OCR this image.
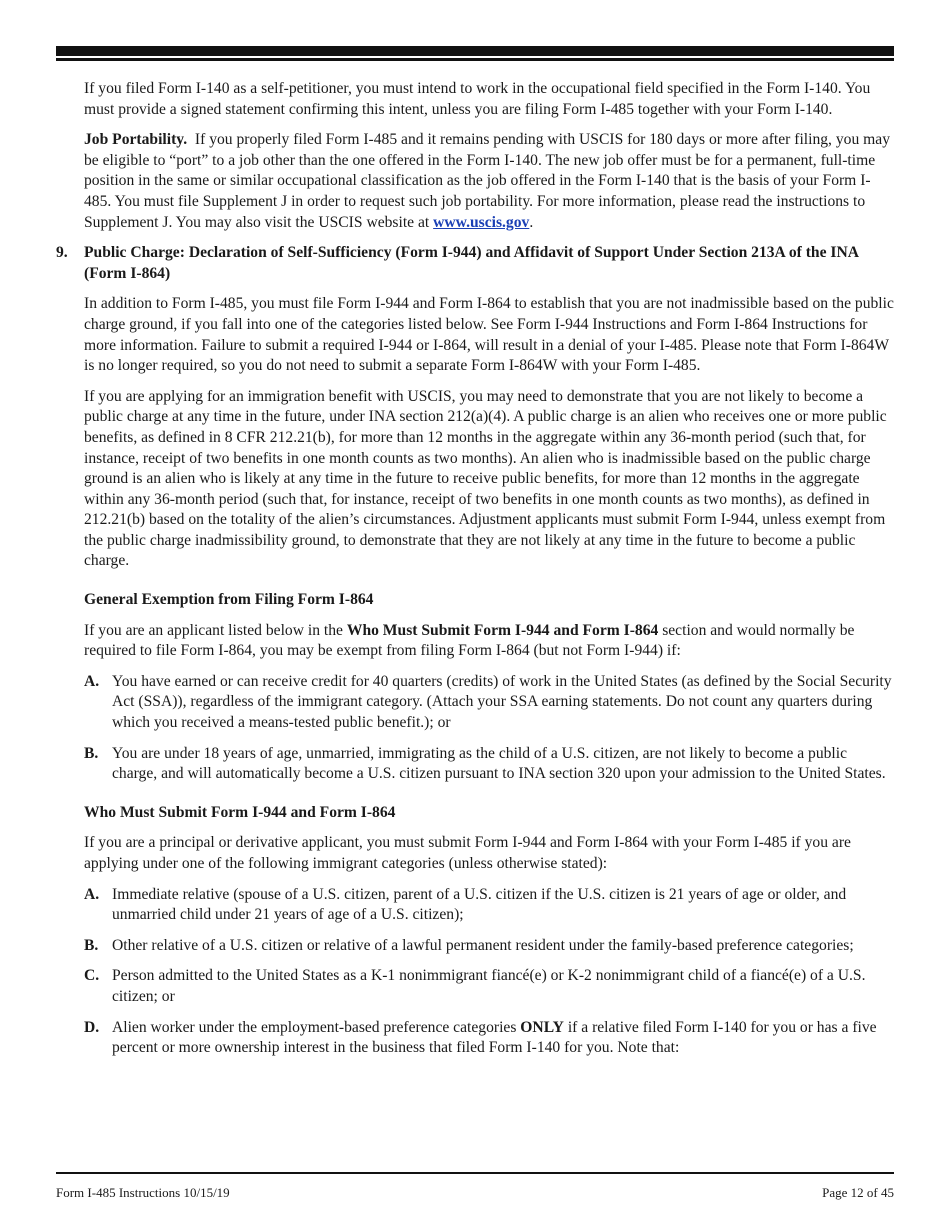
If you filed Form I-140 as a self-petitioner, you must intend to work in the occupational field specified in the Form I-140. You must provide a signed statement confirming this intent, unless you are filing Form I-485 together with your Form I-140.

Job Portability. If you properly filed Form I-485 and it remains pending with USCIS for 180 days or more after filing, you may be eligible to “port” to a job other than the one offered in the Form I-140. The new job offer must be for a permanent, full-time position in the same or similar occupational classification as the job offered in the Form I-140 that is the basis of your Form I-485. You must file Supplement J in order to request such job portability. For more information, please read the instructions to Supplement J. You may also visit the USCIS website at www.uscis.gov.

9.	Public Charge: Declaration of Self-Sufficiency (Form I-944) and Affidavit of Support Under Section 213A of the INA (Form I-864)

In addition to Form I-485, you must file Form I-944 and Form I-864 to establish that you are not inadmissible based on the public charge ground, if you fall into one of the categories listed below. See Form I-944 Instructions and Form I-864 Instructions for more information. Failure to submit a required I-944 or I-864, will result in a denial of your I-485. Please note that Form I-864W is no longer required, so you do not need to submit a separate Form I-864W with your Form I-485.

If you are applying for an immigration benefit with USCIS, you may need to demonstrate that you are not likely to become a public charge at any time in the future, under INA section 212(a)(4). A public charge is an alien who receives one or more public benefits, as defined in 8 CFR 212.21(b), for more than 12 months in the aggregate within any 36-month period (such that, for instance, receipt of two benefits in one month counts as two months). An alien who is inadmissible based on the public charge ground is an alien who is likely at any time in the future to receive public benefits, for more than 12 months in the aggregate within any 36-month period (such that, for instance, receipt of two benefits in one month counts as two months), as defined in 212.21(b) based on the totality of the alien’s circumstances. Adjustment applicants must submit Form I-944, unless exempt from the public charge inadmissibility ground, to demonstrate that they are not likely at any time in the future to become a public charge.

General Exemption from Filing Form I-864

If you are an applicant listed below in the Who Must Submit Form I-944 and Form I-864 section and would normally be required to file Form I-864, you may be exempt from filing Form I-864 (but not Form I-944) if:

A. You have earned or can receive credit for 40 quarters (credits) of work in the United States (as defined by the Social Security Act (SSA)), regardless of the immigrant category. (Attach your SSA earning statements. Do not count any quarters during which you received a means-tested public benefit.); or
B. You are under 18 years of age, unmarried, immigrating as the child of a U.S. citizen, are not likely to become a public charge, and will automatically become a U.S. citizen pursuant to INA section 320 upon your admission to the United States.
Who Must Submit Form I-944 and Form I-864

If you are a principal or derivative applicant, you must submit Form I-944 and Form I-864 with your Form I-485 if you are applying under one of the following immigrant categories (unless otherwise stated):

A. Immediate relative (spouse of a U.S. citizen, parent of a U.S. citizen if the U.S. citizen is 21 years of age or older, and unmarried child under 21 years of age of a U.S. citizen);
B. Other relative of a U.S. citizen or relative of a lawful permanent resident under the family-based preference categories;
C. Person admitted to the United States as a K-1 nonimmigrant fiancé(e) or K-2 nonimmigrant child of a fiancé(e) of a U.S. citizen; or
D. Alien worker under the employment-based preference categories ONLY if a relative filed Form I-140 for you or has a five percent or more ownership interest in the business that filed Form I-140 for you. Note that:
Form I-485 Instructions 10/15/19	Page 12 of 45
